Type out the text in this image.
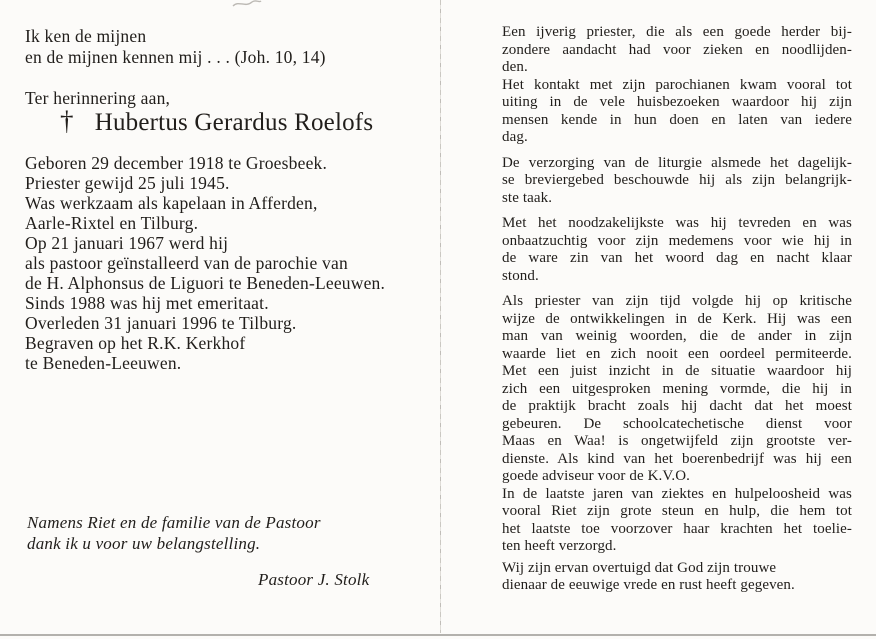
Ik ken de mijnen
en de mijnen kennen mij . . . (Joh. 10, 14)
Ter herinnering aan,
† Hubertus Gerardus Roelofs
Geboren 29 december 1918 te Groesbeek.
Priester gewijd 25 juli 1945.
Was werkzaam als kapelaan in Afferden,
Aarle-Rixtel en Tilburg.
Op 21 januari 1967 werd hij
als pastoor geïnstalleerd van de parochie van
de H. Alphonsus de Liguori te Beneden-Leeuwen.
Sinds 1988 was hij met emeritaat.
Overleden 31 januari 1996 te Tilburg.
Begraven op het R.K. Kerkhof
te Beneden-Leeuwen.
Namens Riet en de familie van de Pastoor
dank ik u voor uw belangstelling.
Pastoor J. Stolk
Een ijverig priester, die als een goede herder bij-
zondere aandacht had voor zieken en noodlijden-
den.
Het kontakt met zijn parochianen kwam vooral tot
uiting in de vele huisbezoeken waardoor hij zijn
mensen kende in hun doen en laten van iedere
dag.
De verzorging van de liturgie alsmede het dagelijk-
se breviergebed beschouwde hij als zijn belangrijk-
ste taak.
Met het noodzakelijkste was hij tevreden en was
onbaatzuchtig voor zijn medemens voor wie hij in
de ware zin van het woord dag en nacht klaar
stond.
Als priester van zijn tijd volgde hij op kritische
wijze de ontwikkelingen in de Kerk. Hij was een
man van weinig woorden, die de ander in zijn
waarde liet en zich nooit een oordeel permiteerde.
Met een juist inzicht in de situatie waardoor hij
zich een uitgesproken mening vormde, die hij in
de praktijk bracht zoals hij dacht dat het moest
gebeuren. De schoolcatechetische dienst voor
Maas en Waa! is ongetwijfeld zijn grootste ver-
dienste. Als kind van het boerenbedrijf was hij een
goede adviseur voor de K.V.O.
In de laatste jaren van ziektes en hulpeloosheid was
vooral Riet zijn grote steun en hulp, die hem tot
het laatste toe voorzover haar krachten het toelie-
ten heeft verzorgd.
Wij zijn ervan overtuigd dat God zijn trouwe
dienaar de eeuwige vrede en rust heeft gegeven.
